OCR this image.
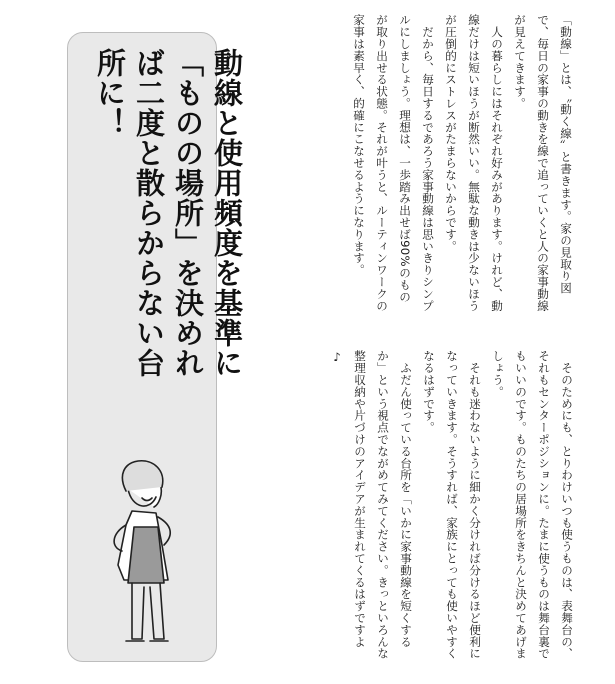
動線と使用頻度を基準に「ものの場所」を決めれば二度と散らからない台所に！	「動線」とは、〝動く線〟と書きます。家の見取り図で、毎日の家事の動きを線で追っていくと人の家事動線が見えてきます。

　人の暮らしにはそれぞれ好みがあります。けれど、動線だけは短いほうが断然いい。無駄な動きは少ないほうが圧倒的にストレスがたまらないからです。

　だから、毎日するであろう家事動線は思いきりシンプルにしましょう。理想は、一歩踏み出せば90%のものが取り出せる状態。それが叶うと、ルーティンワークの家事は素早く、的確にこなせるようになります。

　そのためにも、とりわけいつも使うものは、表舞台の、それもセンターポジションに。たまに使うものは舞台裏でもいいのです。ものたちの居場所をきちんと決めてあげましょう。

　それも迷わないように細かく分ければ分けるほど便利になっていきます。そうすれば、家族にとっても使いやすくなるはずです。

　ふだん使っている台所を「いかに家事動線を短くするか」という視点でながめてみてください。きっといろんな整理収納や片づけのアイデアが生まれてくるはずですよ♪
